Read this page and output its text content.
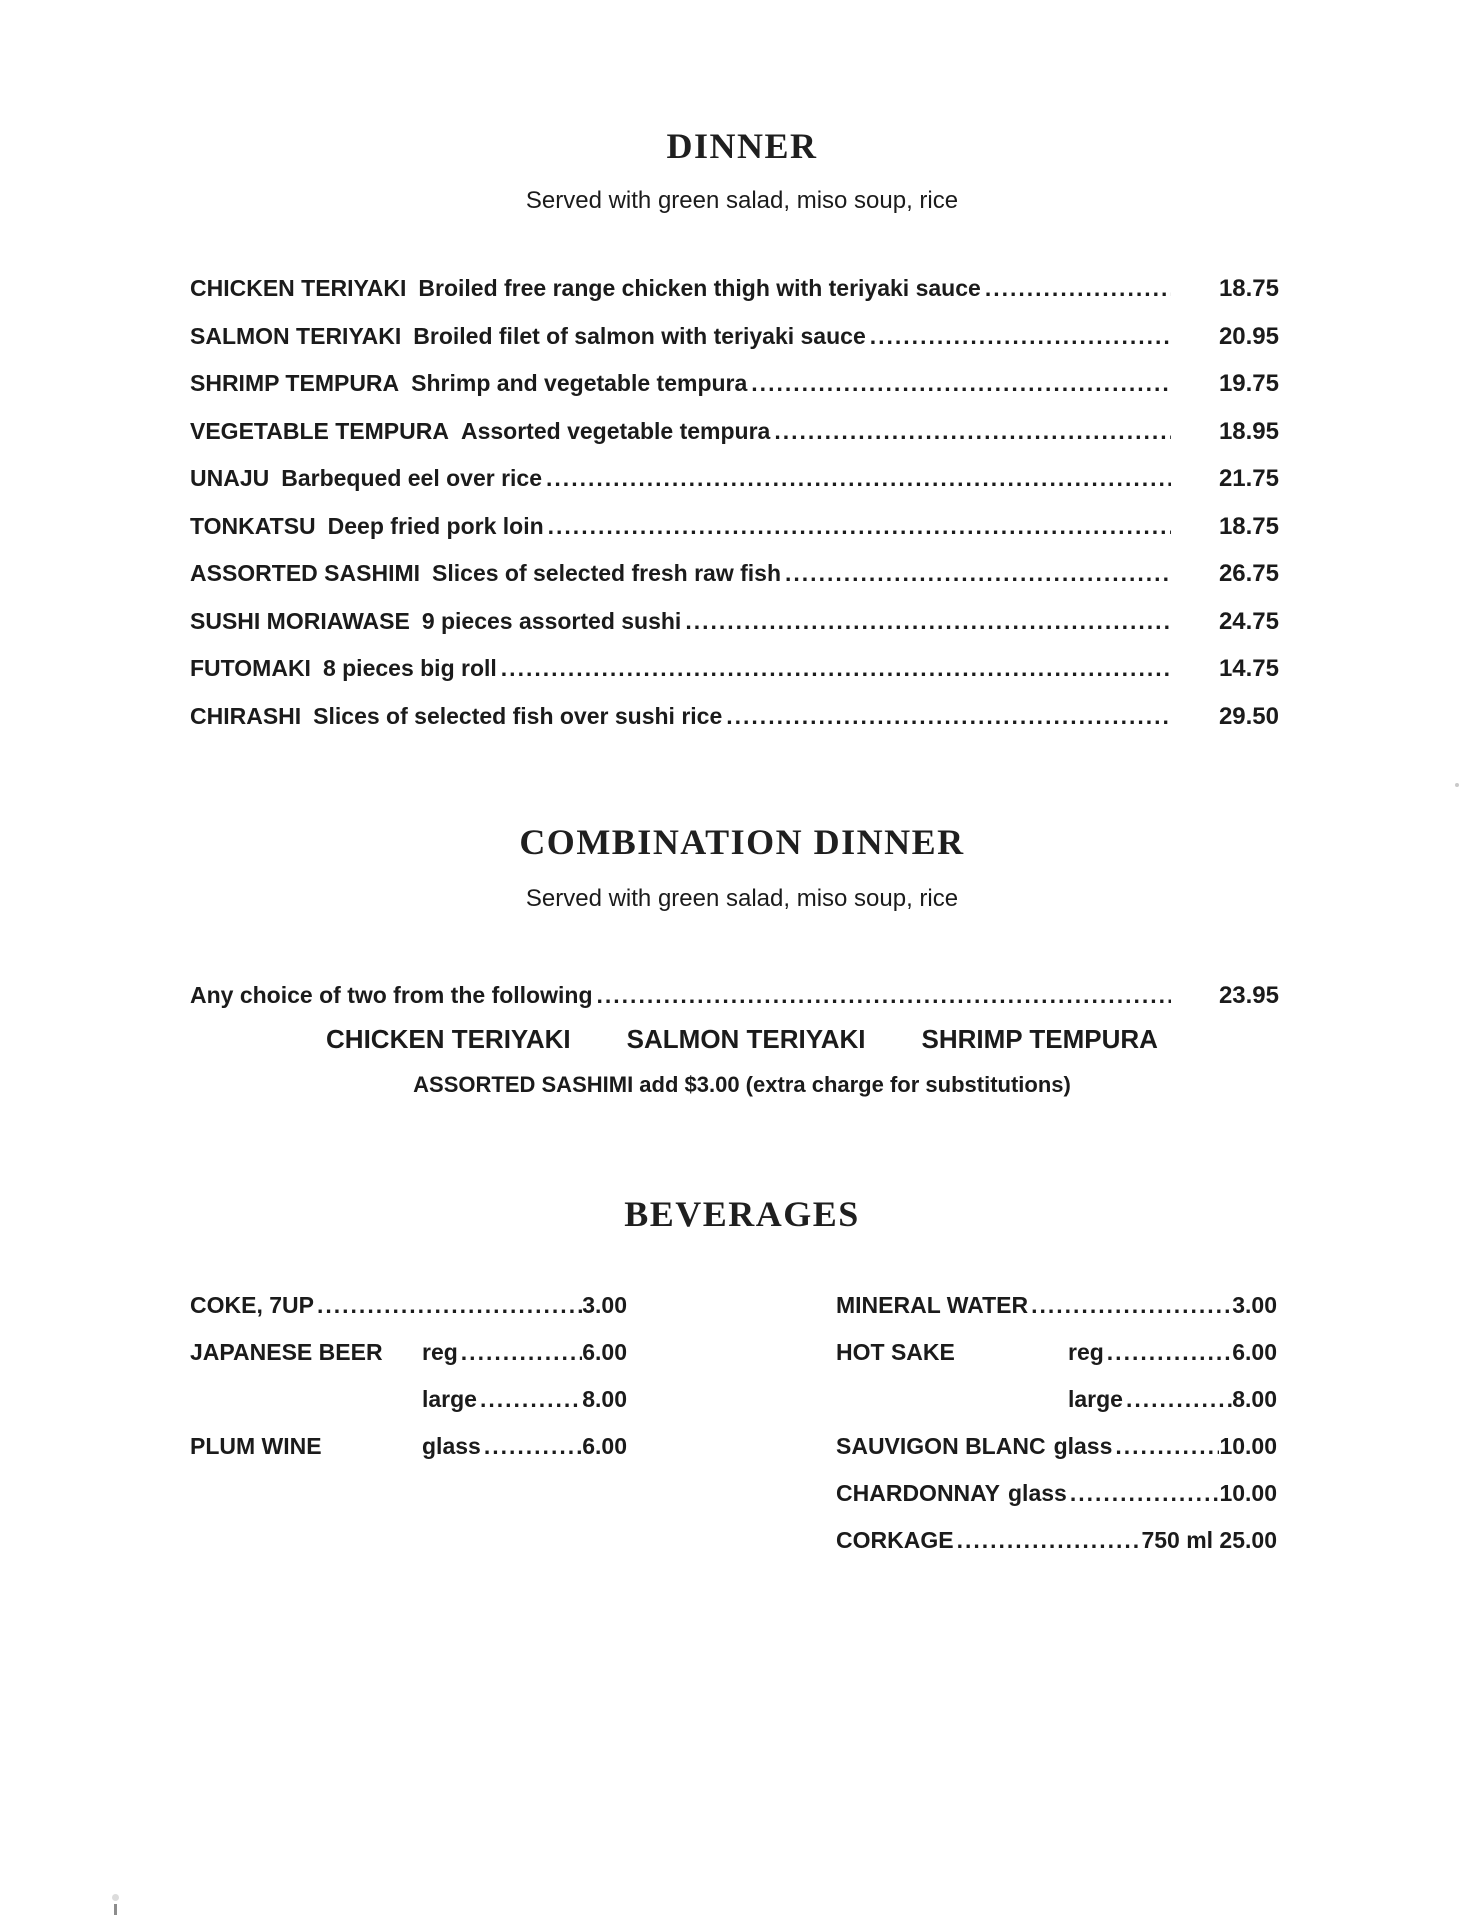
DINNER
Served with green salad, miso soup, rice
CHICKEN TERIYAKI Broiled free range chicken thigh with teriyaki sauce .....	18.75
SALMON TERIYAKI Broiled filet of salmon with teriyaki sauce .....	20.95
SHRIMP TEMPURA Shrimp and vegetable tempura .....	19.75
VEGETABLE TEMPURA Assorted vegetable tempura .....	18.95
UNAJU Barbequed eel over rice .....	21.75
TONKATSU Deep fried pork loin .....	18.75
ASSORTED SASHIMI Slices of selected fresh raw fish .....	26.75
SUSHI MORIAWASE 9 pieces assorted sushi .....	24.75
FUTOMAKI 8 pieces big roll .....	14.75
CHIRASHI Slices of selected fish over sushi rice .....	29.50
COMBINATION DINNER
Served with green salad, miso soup, rice
Any choice of two from the following .....	23.95
CHICKEN TERIYAKI SALMON TERIYAKI SHRIMP TEMPURA
ASSORTED SASHIMI add $3.00 (extra charge for substitutions)
BEVERAGES
COKE, 7UP .....	3.00
JAPANESE BEER	reg .....	6.00
large .....	8.00
PLUM WINE	glass .....	6.00
MINERAL WATER .....	3.00
HOT SAKE	reg .....	6.00
large .....	8.00
SAUVIGON BLANC glass .....	10.00
CHARDONNAY glass .....	10.00
CORKAGE .....	750 ml 25.00
